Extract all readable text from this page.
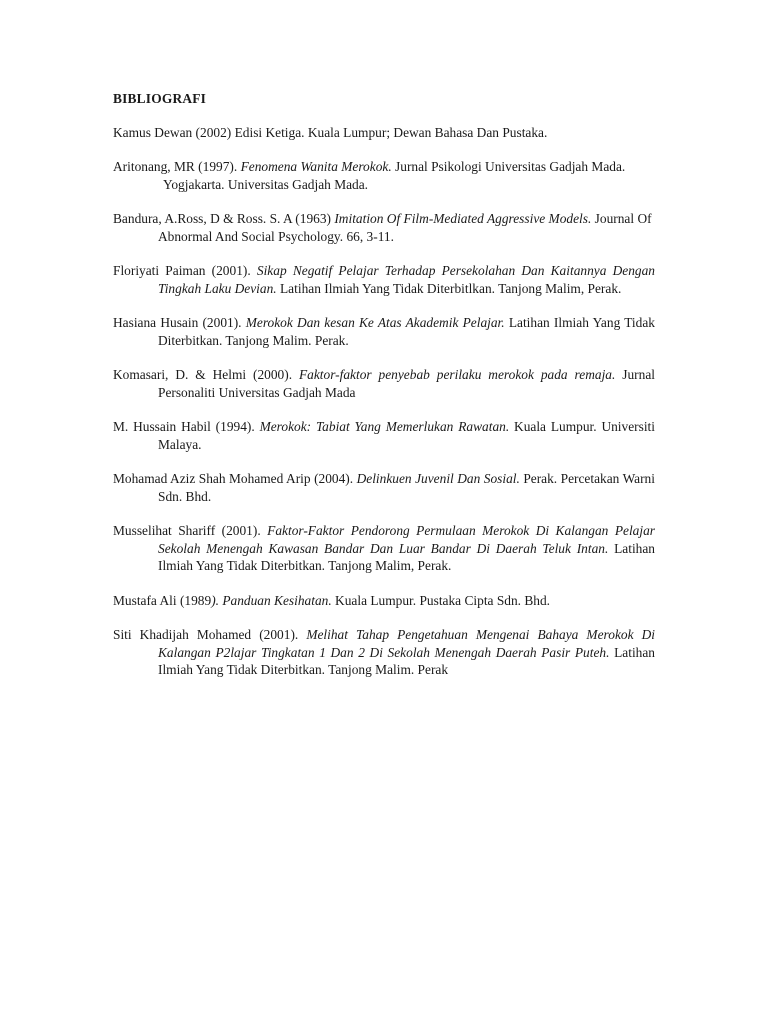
BIBLIOGRAFI
Kamus Dewan (2002) Edisi Ketiga. Kuala Lumpur; Dewan Bahasa Dan Pustaka.
Aritonang, MR (1997). Fenomena Wanita Merokok. Jurnal Psikologi Universitas Gadjah Mada. Yogjakarta. Universitas Gadjah Mada.
Bandura, A.Ross, D & Ross. S. A (1963) Imitation Of Film-Mediated Aggressive Models. Journal Of Abnormal And Social Psychology. 66, 3-11.
Floriyati Paiman (2001). Sikap Negatif Pelajar Terhadap Persekolahan Dan Kaitannya Dengan Tingkah Laku Devian. Latihan Ilmiah Yang Tidak Diterbitlkan. Tanjong Malim, Perak.
Hasiana Husain (2001). Merokok Dan kesan Ke Atas Akademik Pelajar. Latihan Ilmiah Yang Tidak Diterbitkan. Tanjong Malim. Perak.
Komasari, D. & Helmi (2000). Faktor-faktor penyebab perilaku merokok pada remaja. Jurnal Personaliti Universitas Gadjah Mada
M. Hussain Habil (1994). Merokok: Tabiat Yang Memerlukan Rawatan. Kuala Lumpur. Universiti Malaya.
Mohamad Aziz Shah Mohamed Arip (2004). Delinkuen Juvenil Dan Sosial. Perak. Percetakan Warni Sdn. Bhd.
Musselihat Shariff (2001). Faktor-Faktor Pendorong Permulaan Merokok Di Kalangan Pelajar Sekolah Menengah Kawasan Bandar Dan Luar Bandar Di Daerah Teluk Intan. Latihan Ilmiah Yang Tidak Diterbitkan. Tanjong Malim, Perak.
Mustafa Ali (1989). Panduan Kesihatan. Kuala Lumpur. Pustaka Cipta Sdn. Bhd.
Siti Khadijah Mohamed (2001). Melihat Tahap Pengetahuan Mengenai Bahaya Merokok Di Kalangan P2lajar Tingkatan 1 Dan 2 Di Sekolah Menengah Daerah Pasir Puteh. Latihan Ilmiah Yang Tidak Diterbitkan. Tanjong Malim. Perak
